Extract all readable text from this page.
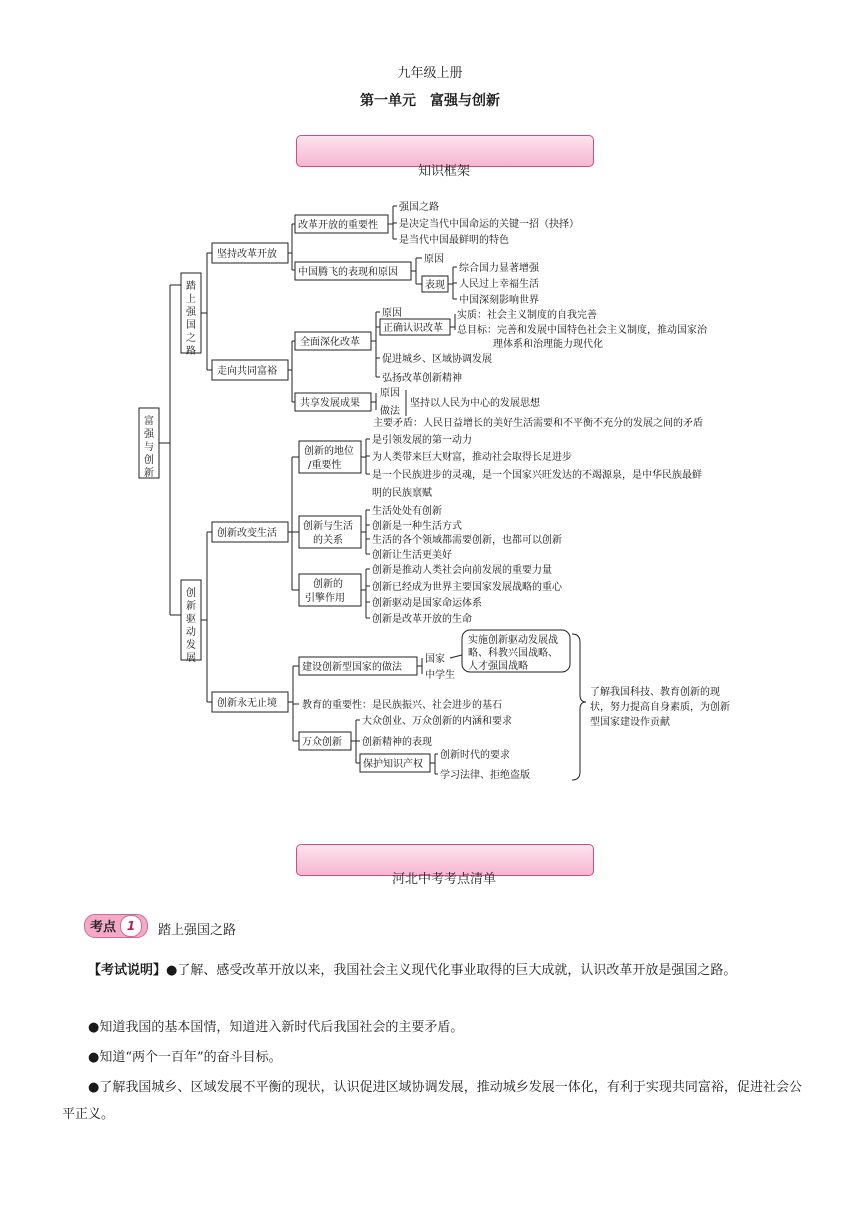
九年级上册
第一单元　富强与创新
知识框架
富
强
与
创
新
踏
上
强
国
之
路
坚持改革开放
改革开放的重要性
强国之路
是决定当代中国命运的关键一招（抉择）
是当代中国最鲜明的特色
中国腾飞的表现和原因
原因
表现
综合国力显著增强
人民过上幸福生活
中国深刻影响世界
走向共同富裕
全面深化改革
原因
正确认识改革
实质：社会主义制度的自我完善
总目标：完善和发展中国特色社会主义制度，推动国家治
理体系和治理能力现代化
促进城乡、区域协调发展
弘扬改革创新精神
共享发展成果
原因
做法
坚持以人民为中心的发展思想
主要矛盾：人民日益增长的美好生活需要和不平衡不充分的发展之间的矛盾
创
新
驱
动
发
展
创新改变生活
创新的地位
/重要性
是引领发展的第一动力
为人类带来巨大财富，推动社会取得长足进步
是一个民族进步的灵魂，是一个国家兴旺发达的不竭源泉，是中华民族最鲜
明的民族禀赋
创新与生活
的关系
生活处处有创新
创新是一种生活方式
生活的各个领域都需要创新，也都可以创新
创新让生活更美好
创新的
引擎作用
创新是推动人类社会向前发展的重要力量
创新已经成为世界主要国家发展战略的重心
创新驱动是国家命运体系
创新是改革开放的生命
创新永无止境
建设创新型国家的做法
国家
中学生
实施创新驱动发展战
略、科教兴国战略、
人才强国战略
教育的重要性：是民族振兴、社会进步的基石
万众创新
大众创业、万众创新的内涵和要求
创新精神的表现
保护知识产权
创新时代的要求
学习法律、拒绝盗版
了解我国科技、教育创新的现
状，努力提高自身素质，为创新
型国家建设作贡献
河北中考考点清单
考点 1	踏上强国之路
【考试说明】●了解、感受改革开放以来，我国社会主义现代化事业取得的巨大成就，认识改革开放是强国之路。
●知道我国的基本国情，知道进入新时代后我国社会的主要矛盾。
●知道“两个一百年”的奋斗目标。
●了解我国城乡、区域发展不平衡的现状，认识促进区域协调发展，推动城乡发展一体化，有利于实现共同富裕，促进社会公平正义。
